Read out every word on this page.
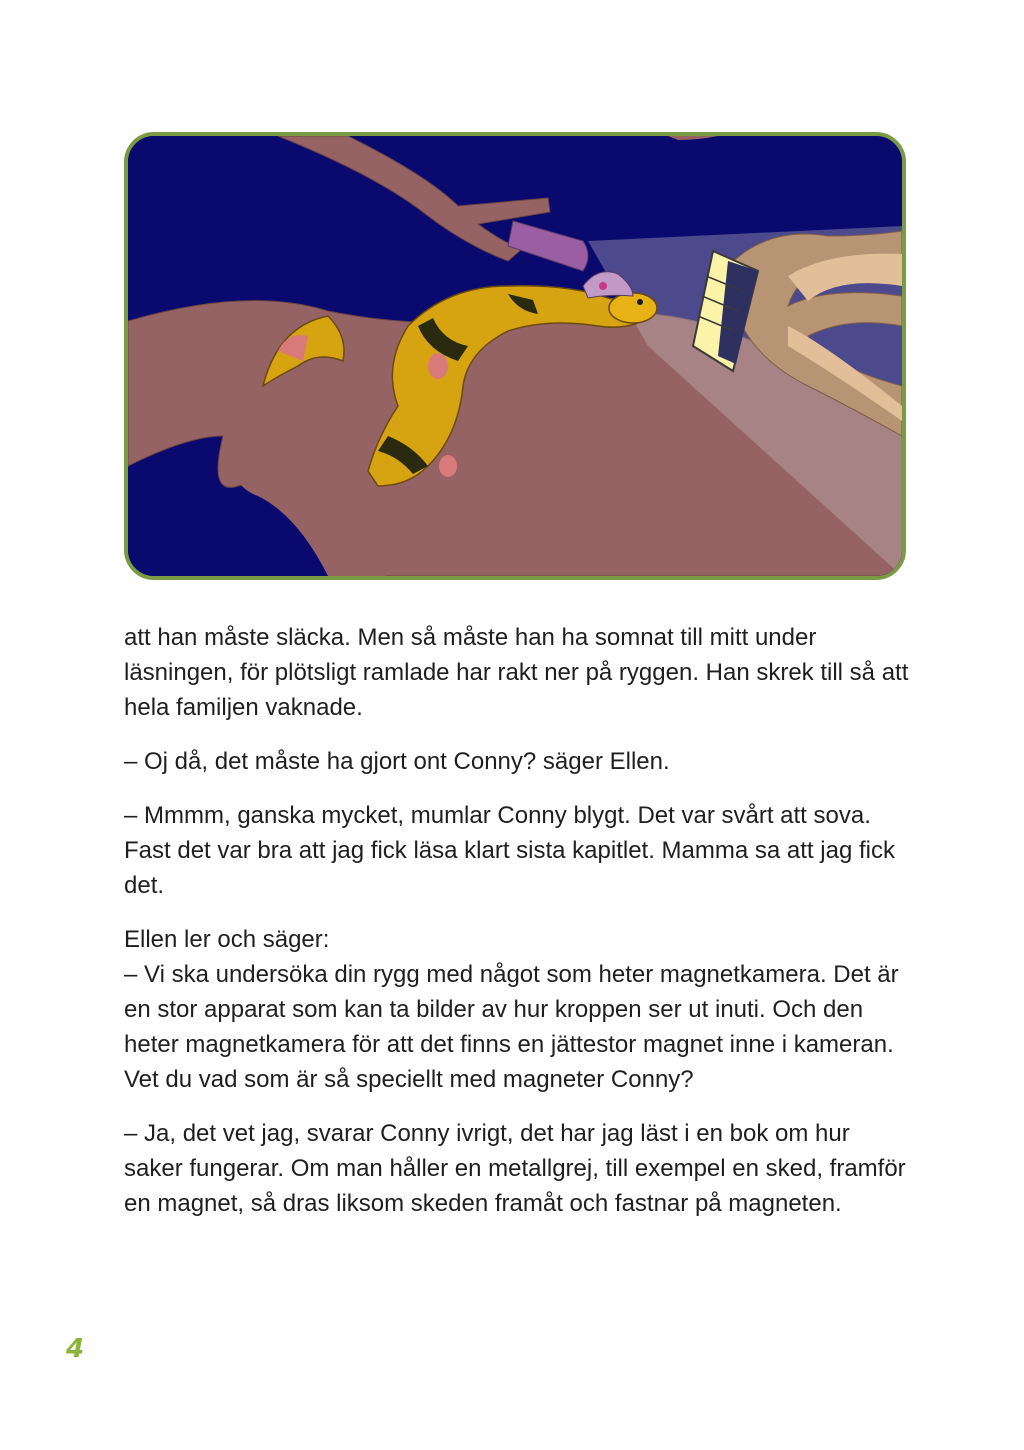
att han måste släcka. Men så måste han ha somnat till mitt under läsningen, för plötsligt ramlade har rakt ner på ryggen. Han skrek till så att hela familjen vaknade.

– Oj då, det måste ha gjort ont Conny? säger Ellen.

– Mmmm, ganska mycket, mumlar Conny blygt. Det var svårt att sova. Fast det var bra att jag fick läsa klart sista kapitlet. Mamma sa att jag fick det.

Ellen ler och säger:

– Vi ska undersöka din rygg med något som heter magnetkamera. Det är en stor apparat som kan ta bilder av hur kroppen ser ut inuti. Och den heter magnetkamera för att det finns en jättestor magnet inne i kameran. Vet du vad som är så speciellt med magneter Conny?

– Ja, det vet jag, svarar Conny ivrigt, det har jag läst i en bok om hur saker fungerar. Om man håller en metallgrej, till exempel en sked, framför en magnet, så dras liksom skeden framåt och fastnar på magneten.

4
